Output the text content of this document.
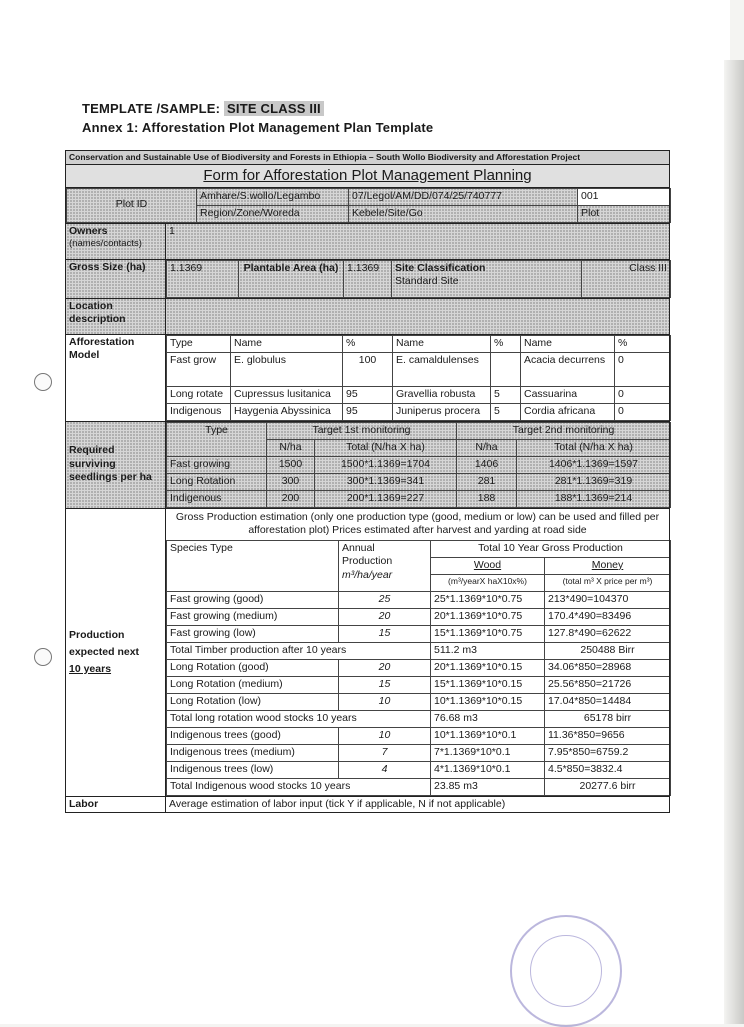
TEMPLATE /SAMPLE: SITE CLASS III
Annex 1: Afforestation Plot Management Plan Template
Conservation and Sustainable Use of Biodiversity and Forests in Ethiopia – South Wollo Biodiversity and Afforestation Project
Form for Afforestation Plot Management Planning

Plot ID	Amhare/S.wollo/Legambo	07/Legol/AM/DD/074/25/740777	001
Region/Zone/Woreda	Kebele/Site/Go	Plot

Owners
(names/contacts)
	1
Gross Size (ha)	1.1369	Plantable Area (ha)	1.1369	Site Classification
Standard Site
	Class III

Location description	
Afforestation Model	
Type	Name	%	Name	%	Name	%
Fast grow	E. globulus	100	E. camaldulenses		Acacia decurrens	0
Long rotate	Cupressus lusitanica	95	Gravellia robusta	5	Cassuarina	0
Indigenous	Haygenia Abyssinica	95	Juniperus procera	5	Cordia africana	0

Required surviving seedlings per ha	
Type	Target 1st monitoring	Target 2nd monitoring
N/ha	Total (N/ha X ha)	N/ha	Total (N/ha X ha)
Fast growing	1500	1500*1.1369=1704	1406	1406*1.1369=1597
Long Rotation	300	300*1.1369=341	281	281*1.1369=319
Indigenous	200	200*1.1369=227	188	188*1.1369=214

Production
expected next
10 years

Gross Production estimation (only one production type (good, medium or low) can be used and filled per afforestation plot) Prices estimated after harvest and yarding at road side
Species Type	Annual Production
m³/ha/year
	Total 10 Year Gross Production
Wood	Money
(m³/yearX haX10x%)	(total m³ X price per m³)
Fast growing (good)	25	25*1.1369*10*0.75	213*490=104370
Fast growing (medium)	20	20*1.1369*10*0.75	170.4*490=83496
Fast growing (low)	15	15*1.1369*10*0.75	127.8*490=62622
Total Timber production after 10 years	511.2 m3	250488 Birr
Long Rotation (good)	20	20*1.1369*10*0.15	34.06*850=28968
Long Rotation (medium)	15	15*1.1369*10*0.15	25.56*850=21726
Long Rotation (low)	10	10*1.1369*10*0.15	17.04*850=14484
Total long rotation wood stocks 10 years	76.68 m3	65178 birr
Indigenous trees (good)	10	10*1.1369*10*0.1	11.36*850=9656
Indigenous trees (medium)	7	7*1.1369*10*0.1	7.95*850=6759.2
Indigenous trees (low)	4	4*1.1369*10*0.1	4.5*850=3832.4
Total Indigenous wood stocks 10 years	23.85 m3	20277.6 birr

Labor	Average estimation of labor input (tick Y if applicable, N if not applicable)
